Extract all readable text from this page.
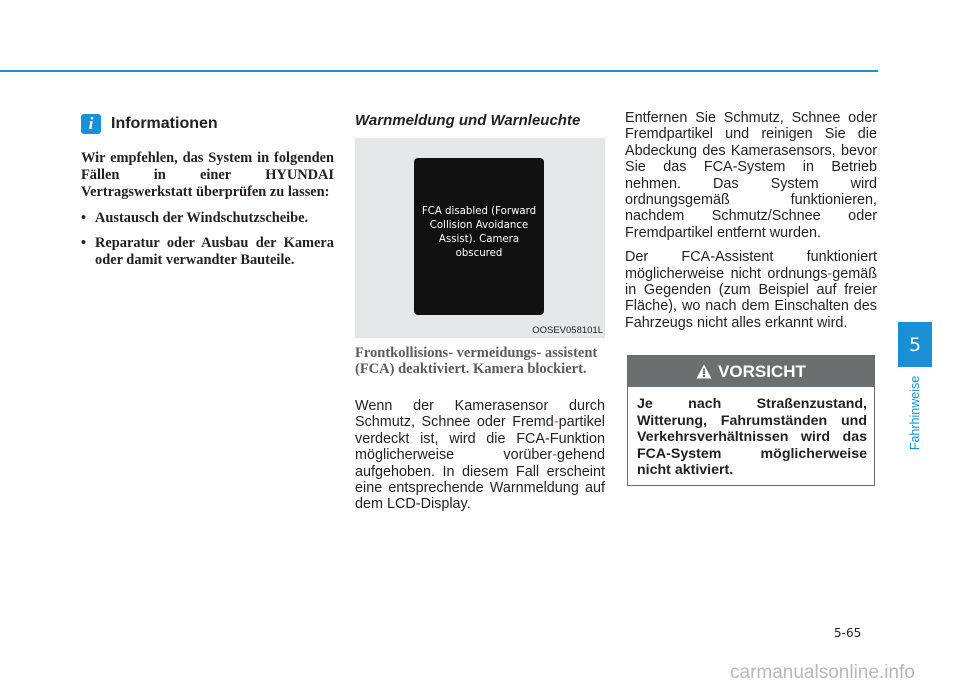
i	Informationen

Wir empfehlen, das System in folgenden Fällen in einer HYUNDAI Vertragswerkstatt überprüfen zu lassen:

• Austausch der Windschutzscheibe.
• Reparatur oder Ausbau der Kamera oder damit verwandter Bauteile.
Warnmeldung und Warnleuchte
FCA disabled (Forward Collision Avoidance Assist). Camera obscured
OOSEV058101L
Frontkollisions- vermeidungs- assistent (FCA) deaktiviert. Kamera blockiert.

Wenn der Kamerasensor durch Schmutz, Schnee oder Fremd-partikel verdeckt ist, wird die FCA-Funktion möglicherweise vorüber-gehend aufgehoben. In diesem Fall erscheint eine entsprechende Warnmeldung auf dem LCD-Display.

Entfernen Sie Schmutz, Schnee oder Fremdpartikel und reinigen Sie die Abdeckung des Kamerasensors, bevor Sie das FCA-System in Betrieb nehmen. Das System wird ordnungsgemäß funktionieren, nachdem Schmutz/Schnee oder Fremdpartikel entfernt wurden.

Der FCA-Assistent funktioniert möglicherweise nicht ordnungs-gemäß in Gegenden (zum Beispiel auf freier Fläche), wo nach dem Einschalten des Fahrzeugs nicht alles erkannt wird.

VORSICHT

Je nach Straßenzustand, Witterung, Fahrumständen und Verkehrsverhältnissen wird das FCA-System möglicherweise nicht aktiviert.

5
Fahrhinweise
5-65
carmanualsonline.info
